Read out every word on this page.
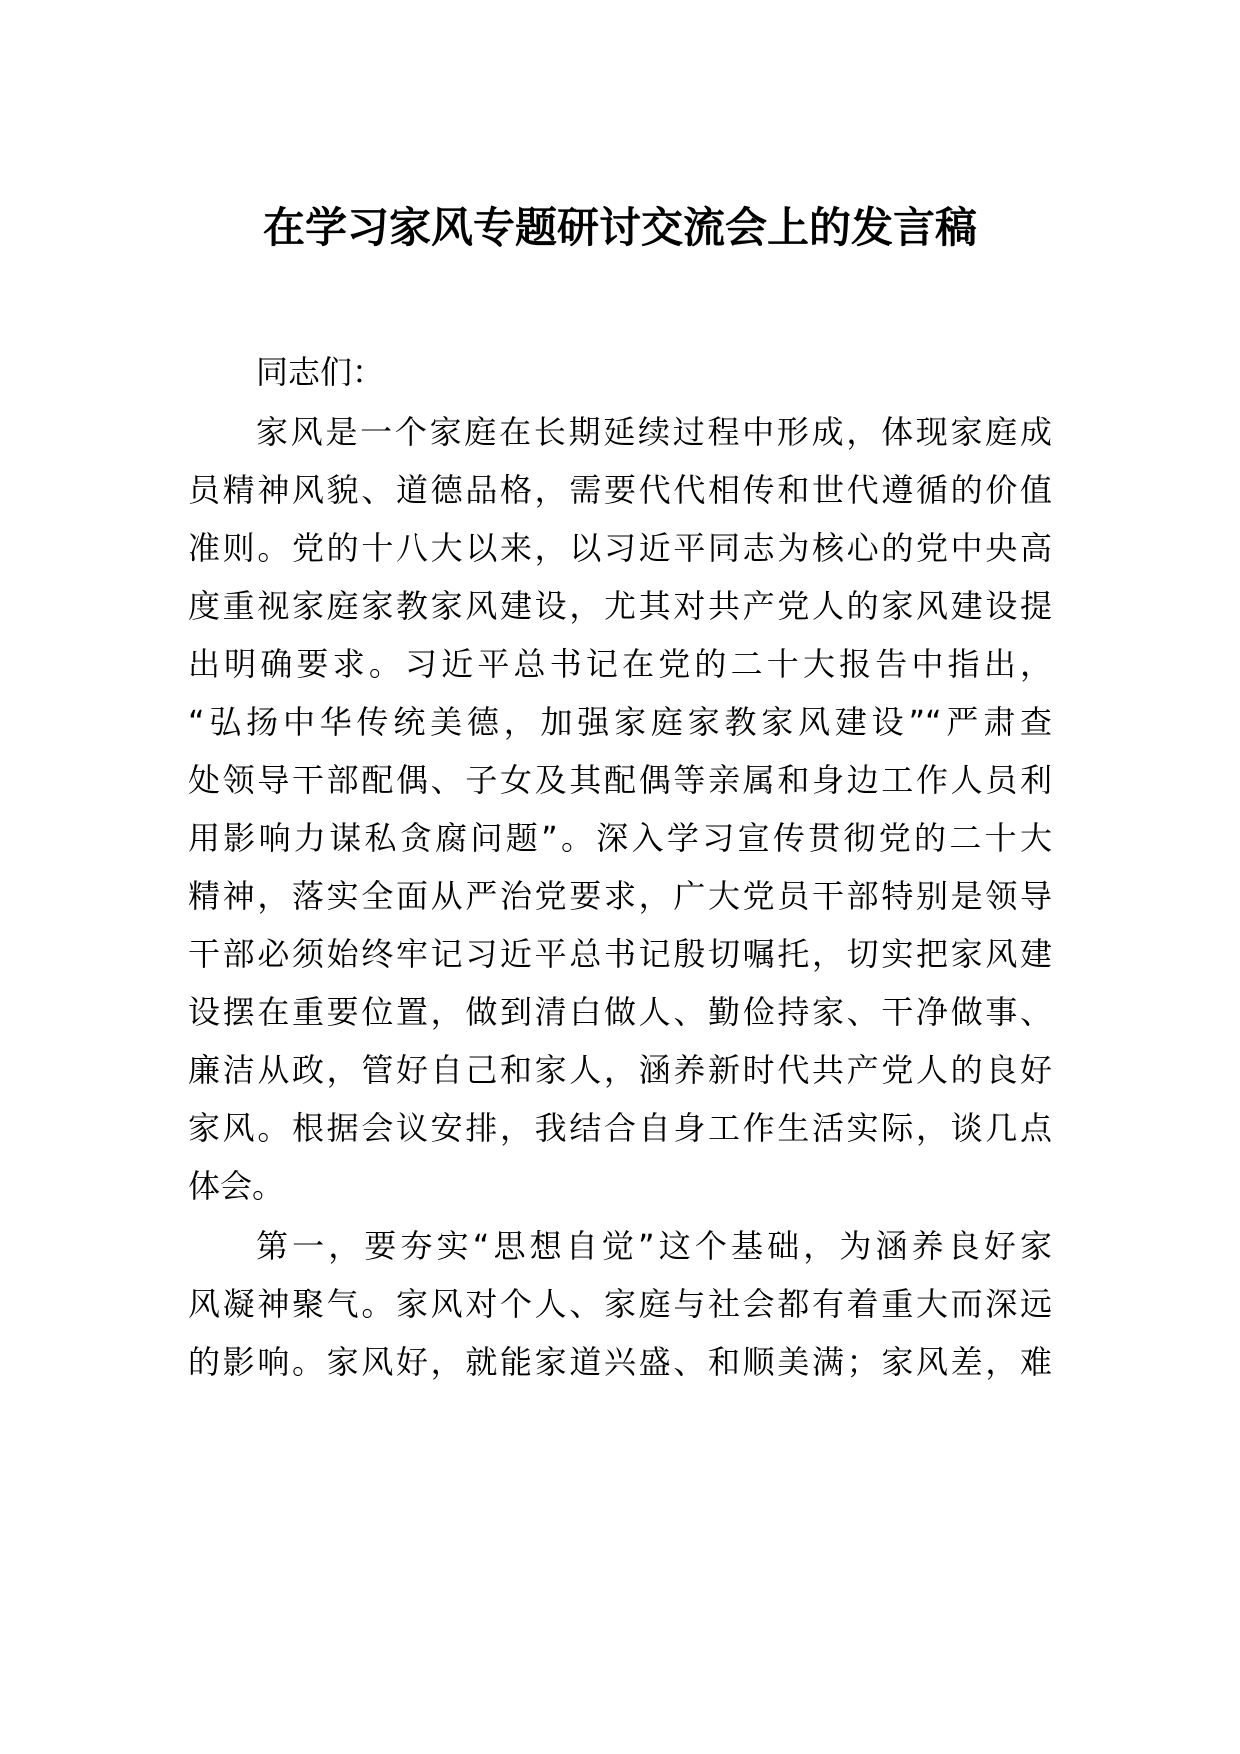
在学习家风专题研讨交流会上的发言稿
同志们：
家风是一个家庭在长期延续过程中形成，体现家庭成
员精神风貌、道德品格，需要代代相传和世代遵循的价值
准则。党的十八大以来，以习近平同志为核心的党中央高
度重视家庭家教家风建设，尤其对共产党人的家风建设提
出明确要求。习近平总书记在党的二十大报告中指出，
“弘扬中华传统美德，加强家庭家教家风建设”“严肃查
处领导干部配偶、子女及其配偶等亲属和身边工作人员利
用影响力谋私贪腐问题”。深入学习宣传贯彻党的二十大
精神，落实全面从严治党要求，广大党员干部特别是领导
干部必须始终牢记习近平总书记殷切嘱托，切实把家风建
设摆在重要位置，做到清白做人、勤俭持家、干净做事、
廉洁从政，管好自己和家人，涵养新时代共产党人的良好
家风。根据会议安排，我结合自身工作生活实际，谈几点
体会。
第一，要夯实“思想自觉”这个基础，为涵养良好家
风凝神聚气。家风对个人、家庭与社会都有着重大而深远
的影响。家风好，就能家道兴盛、和顺美满；家风差，难
